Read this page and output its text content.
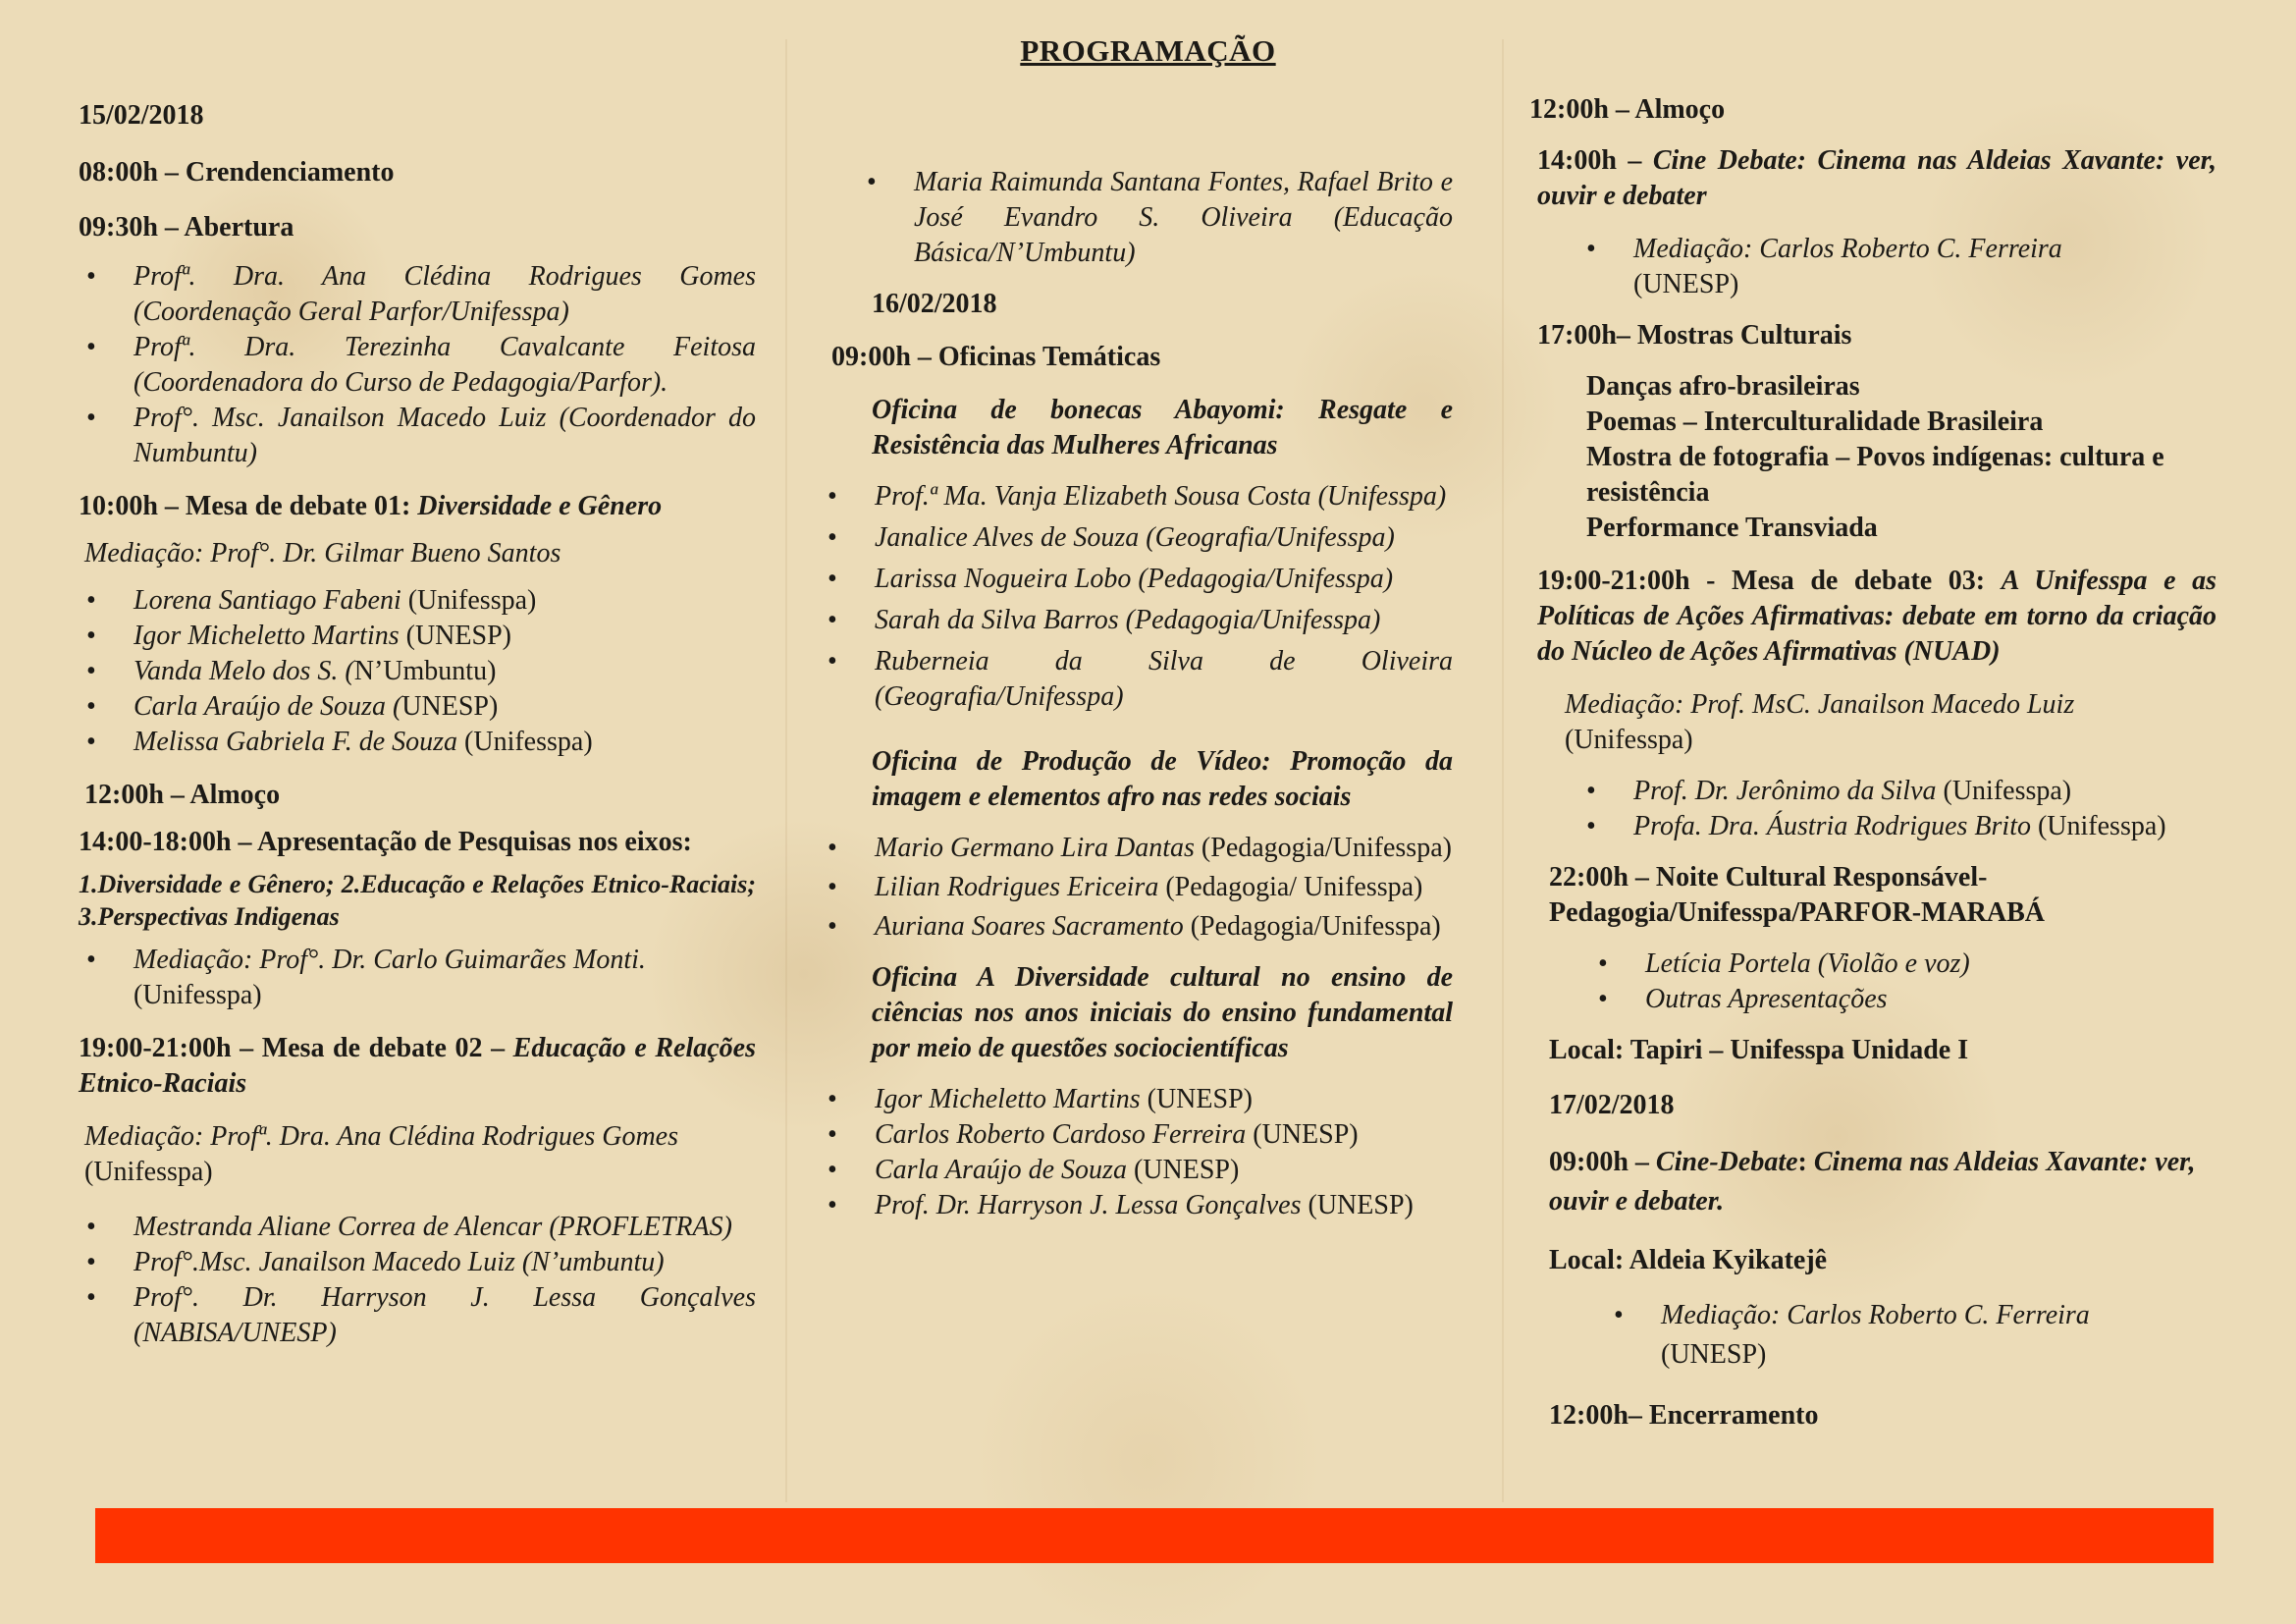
PROGRAMAÇÃO
15/02/2018
08:00h – Crendenciamento
09:30h – Abertura
• Profª. Dra. Ana Clédina Rodrigues Gomes (Coordenação Geral Parfor/Unifesspa)
• Profª. Dra. Terezinha Cavalcante Feitosa (Coordenadora do Curso de Pedagogia/Parfor).
• Prof°. Msc. Janailson Macedo Luiz (Coordenador do Numbuntu)
10:00h – Mesa de debate 01: Diversidade e Gênero
Mediação: Prof°. Dr. Gilmar Bueno Santos
• Lorena Santiago Fabeni (Unifesspa)
• Igor Micheletto Martins (UNESP)
• Vanda Melo dos S. (N’Umbuntu)
• Carla Araújo de Souza (UNESP)
• Melissa Gabriela F. de Souza (Unifesspa)
12:00h – Almoço
14:00-18:00h – Apresentação de Pesquisas nos eixos:
1.Diversidade e Gênero; 2.Educação e Relações Etnico-Raciais; 3.Perspectivas Indigenas
• Mediação: Prof°. Dr. Carlo Guimarães Monti.
(Unifesspa)
19:00-21:00h – Mesa de debate 02 – Educação e Relações Etnico-Raciais
Mediação: Profª. Dra. Ana Clédina Rodrigues Gomes
(Unifesspa)
• Mestranda Aliane Correa de Alencar (PROFLETRAS)
• Prof°.Msc. Janailson Macedo Luiz (N’umbuntu)
• Prof°. Dr. Harryson J. Lessa Gonçalves (NABISA/UNESP)
• Maria Raimunda Santana Fontes, Rafael Brito e José Evandro S. Oliveira (Educação Básica/N’Umbuntu)
16/02/2018
09:00h – Oficinas Temáticas
Oficina de bonecas Abayomi: Resgate e Resistência das Mulheres Africanas
• Prof.ª Ma. Vanja Elizabeth Sousa Costa (Unifesspa)
• Janalice Alves de Souza (Geografia/Unifesspa)
• Larissa Nogueira Lobo (Pedagogia/Unifesspa)
• Sarah da Silva Barros (Pedagogia/Unifesspa)
• Ruberneia da Silva de Oliveira (Geografia/Unifesspa)
Oficina de Produção de Vídeo: Promoção da imagem e elementos afro nas redes sociais
• Mario Germano Lira Dantas (Pedagogia/Unifesspa)
• Lilian Rodrigues Ericeira (Pedagogia/ Unifesspa)
• Auriana Soares Sacramento (Pedagogia/Unifesspa)
Oficina A Diversidade cultural no ensino de ciências nos anos iniciais do ensino fundamental por meio de questões sociocientíficas
• Igor Micheletto Martins (UNESP)
• Carlos Roberto Cardoso Ferreira (UNESP)
• Carla Araújo de Souza (UNESP)
• Prof. Dr. Harryson J. Lessa Gonçalves (UNESP)
12:00h – Almoço
14:00h – Cine Debate: Cinema nas Aldeias Xavante: ver, ouvir e debater
• Mediação: Carlos Roberto C. Ferreira
(UNESP)
17:00h– Mostras Culturais
Danças afro-brasileiras
Poemas – Interculturalidade Brasileira
Mostra de fotografia – Povos indígenas: cultura e resistência
Performance Transviada
19:00-21:00h - Mesa de debate 03: A Unifesspa e as Políticas de Ações Afirmativas: debate em torno da criação do Núcleo de Ações Afirmativas (NUAD)
Mediação: Prof. MsC. Janailson Macedo Luiz
(Unifesspa)
• Prof. Dr. Jerônimo da Silva (Unifesspa)
• Profa. Dra. Áustria Rodrigues Brito (Unifesspa)
22:00h – Noite Cultural Responsável- Pedagogia/Unifesspa/PARFOR-MARABÁ
• Letícia Portela (Violão e voz)
• Outras Apresentações
Local: Tapiri – Unifesspa Unidade I
17/02/2018
09:00h – Cine-Debate: Cinema nas Aldeias Xavante: ver, ouvir e debater.
Local: Aldeia Kyikatejê
• Mediação: Carlos Roberto C. Ferreira
(UNESP)
12:00h– Encerramento
